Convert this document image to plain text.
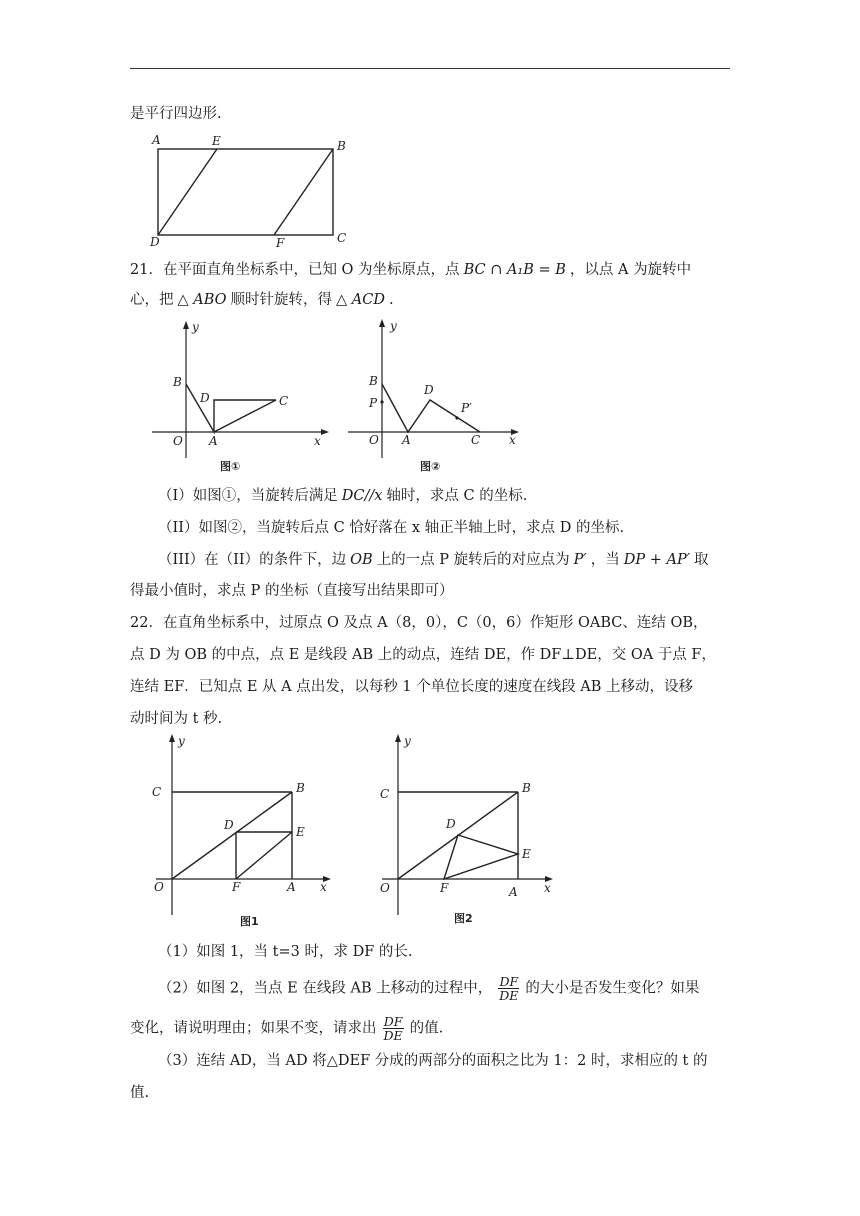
是平行四边形.
A	E	B
D	F	C
21．在平面直角坐标系中，已知 O 为坐标原点，点 BC ∩ A₁B = B ，以点 A 为旋转中
心，把 △ ABO 顺时针旋转，得 △ ACD .
y
B
D	C
O A	x
图①
y
B
P
D
P′
O A	C x
图②
（I）如图①，当旋转后满足 DC//x 轴时，求点 C 的坐标.
（II）如图②，当旋转后点 C 恰好落在 x 轴正半轴上时，求点 D 的坐标.
（III）在（II）的条件下，边 OB 上的一点 P 旋转后的对应点为 P′ ，当 DP + AP′ 取
得最小值时，求点 P 的坐标（直接写出结果即可）
22．在直角坐标系中，过原点 O 及点 A（8，0），C（0，6）作矩形 OABC、连结 OB，
点 D 为 OB 的中点，点 E 是线段 AB 上的动点，连结 DE，作 DF⊥DE，交 OA 于点 F，
连结 EF．已知点 E 从 A 点出发，以每秒 1 个单位长度的速度在线段 AB 上移动，设移
动时间为 t 秒.
y
C	B
D	E
O	F	A x
图1
y
C	B
D
E
O	F	A x
图2
（1）如图 1，当 t=3 时，求 DF 的长.
（2）如图 2，当点 E 在线段 AB 上移动的过程中， $\frac{DF}{DE}$ 的大小是否发生变化？如果
变化，请说明理由；如果不变，请求出 $\frac{DF}{DE}$ 的值.
（3）连结 AD，当 AD 将△DEF 分成的两部分的面积之比为 1：2 时，求相应的 t 的
值.
